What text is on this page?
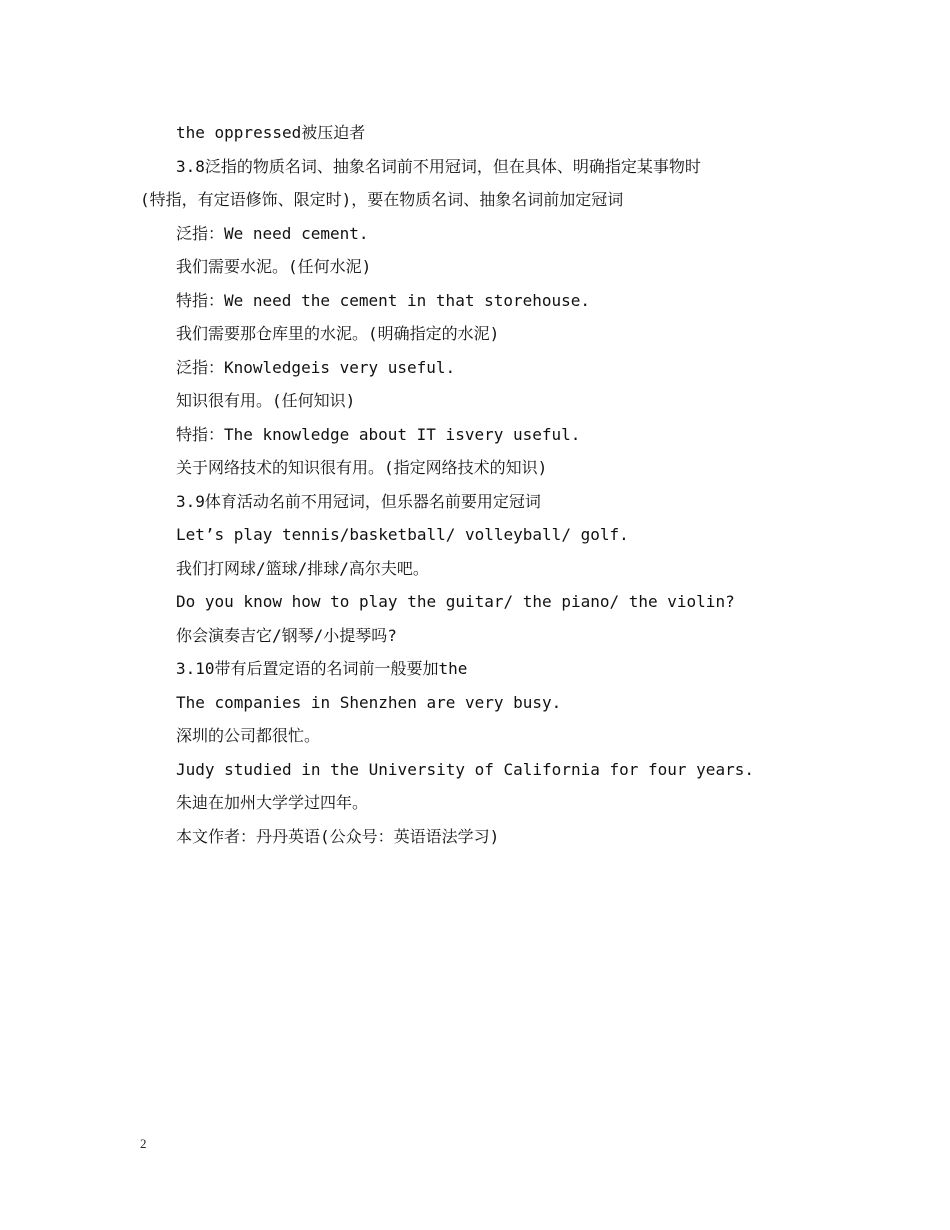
the oppressed被压迫者
3.8泛指的物质名词、抽象名词前不用冠词，但在具体、明确指定某事物时
(特指，有定语修饰、限定时)，要在物质名词、抽象名词前加定冠词
泛指：We need cement.
我们需要水泥。(任何水泥)
特指：We need the cement in that storehouse.
我们需要那仓库里的水泥。(明确指定的水泥)
泛指：Knowledgeis very useful.
知识很有用。(任何知识)
特指：The knowledge about IT isvery useful.
关于网络技术的知识很有用。(指定网络技术的知识)
3.9体育活动名前不用冠词，但乐器名前要用定冠词
Let’s play tennis/basketball/ volleyball/ golf.
我们打网球/篮球/排球/高尔夫吧。
Do you know how to play the guitar/ the piano/ the violin?
你会演奏吉它/钢琴/小提琴吗?
3.10带有后置定语的名词前一般要加the
The companies in Shenzhen are very busy.
深圳的公司都很忙。
Judy studied in the University of California for four years.
朱迪在加州大学学过四年。
本文作者：丹丹英语(公众号：英语语法学习)
2
